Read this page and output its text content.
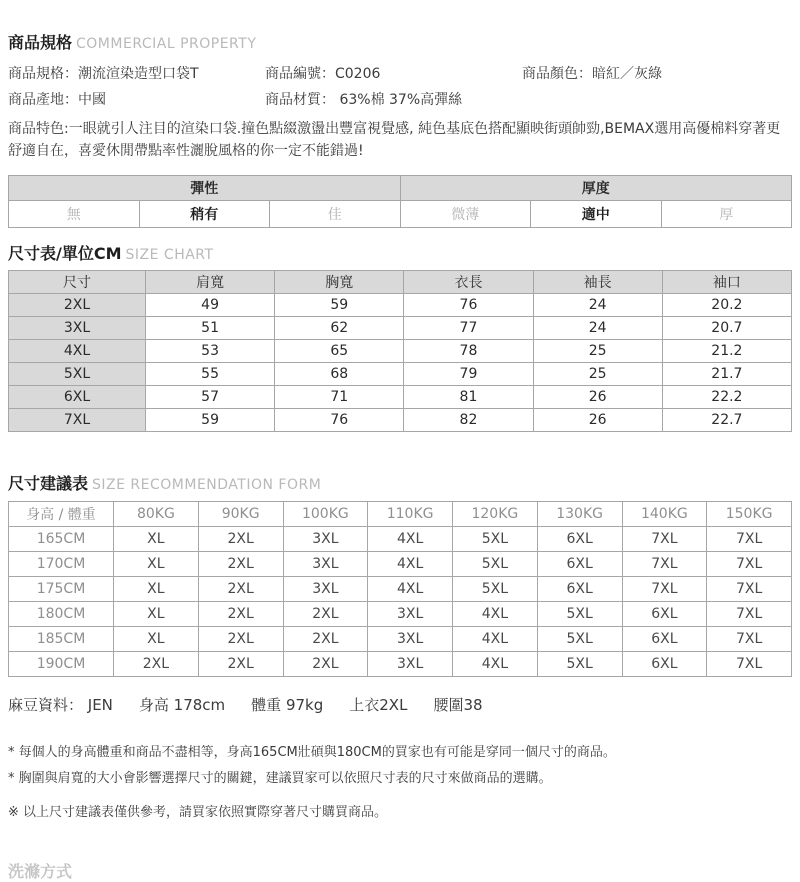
商品規格 COMMERCIAL PROPERTY
商品規格：潮流渲染造型口袋T	商品編號：C0206	商品顏色：暗紅／灰綠
商品產地：中國	商品材質： 63%棉 37%高彈絲
商品特色:一眼就引人注目的渲染口袋.撞色點綴激盪出豐富視覺感, 純色基底色搭配顯映街頭帥勁,BEMAX選用高優棉料穿著更舒適自在，喜愛休閒帶點率性灑脫風格的你一定不能錯過!
彈性			厚度		
無	稍有	佳	微薄	適中	厚
尺寸表/單位CM SIZE CHART
尺寸	肩寬	胸寬	衣長	袖長	袖口
2XL	49	59	76	24	20.2
3XL	51	62	77	24	20.7
4XL	53	65	78	25	21.2
5XL	55	68	79	25	21.7
6XL	57	71	81	26	22.2
7XL	59	76	82	26	22.7
尺寸建議表 SIZE RECOMMENDATION FORM
身高 / 體重	80KG	90KG	100KG	110KG	120KG	130KG	140KG	150KG
165CM	XL	2XL	3XL	4XL	5XL	6XL	7XL	7XL
170CM	XL	2XL	3XL	4XL	5XL	6XL	7XL	7XL
175CM	XL	2XL	3XL	4XL	5XL	6XL	7XL	7XL
180CM	XL	2XL	2XL	3XL	4XL	5XL	6XL	7XL
185CM	XL	2XL	2XL	3XL	4XL	5XL	6XL	7XL
190CM	2XL	2XL	2XL	3XL	4XL	5XL	6XL	7XL
麻豆資料： JEN 身高 178cm 體重 97kg 上衣2XL 腰圍38
* 每個人的身高體重和商品不盡相等，身高165CM壯碩與180CM的買家也有可能是穿同一個尺寸的商品。
* 胸圍與肩寬的大小會影響選擇尺寸的關鍵，建議買家可以依照尺寸表的尺寸來做商品的選購。
※ 以上尺寸建議表僅供參考，請買家依照實際穿著尺寸購買商品。
洗滌方式
